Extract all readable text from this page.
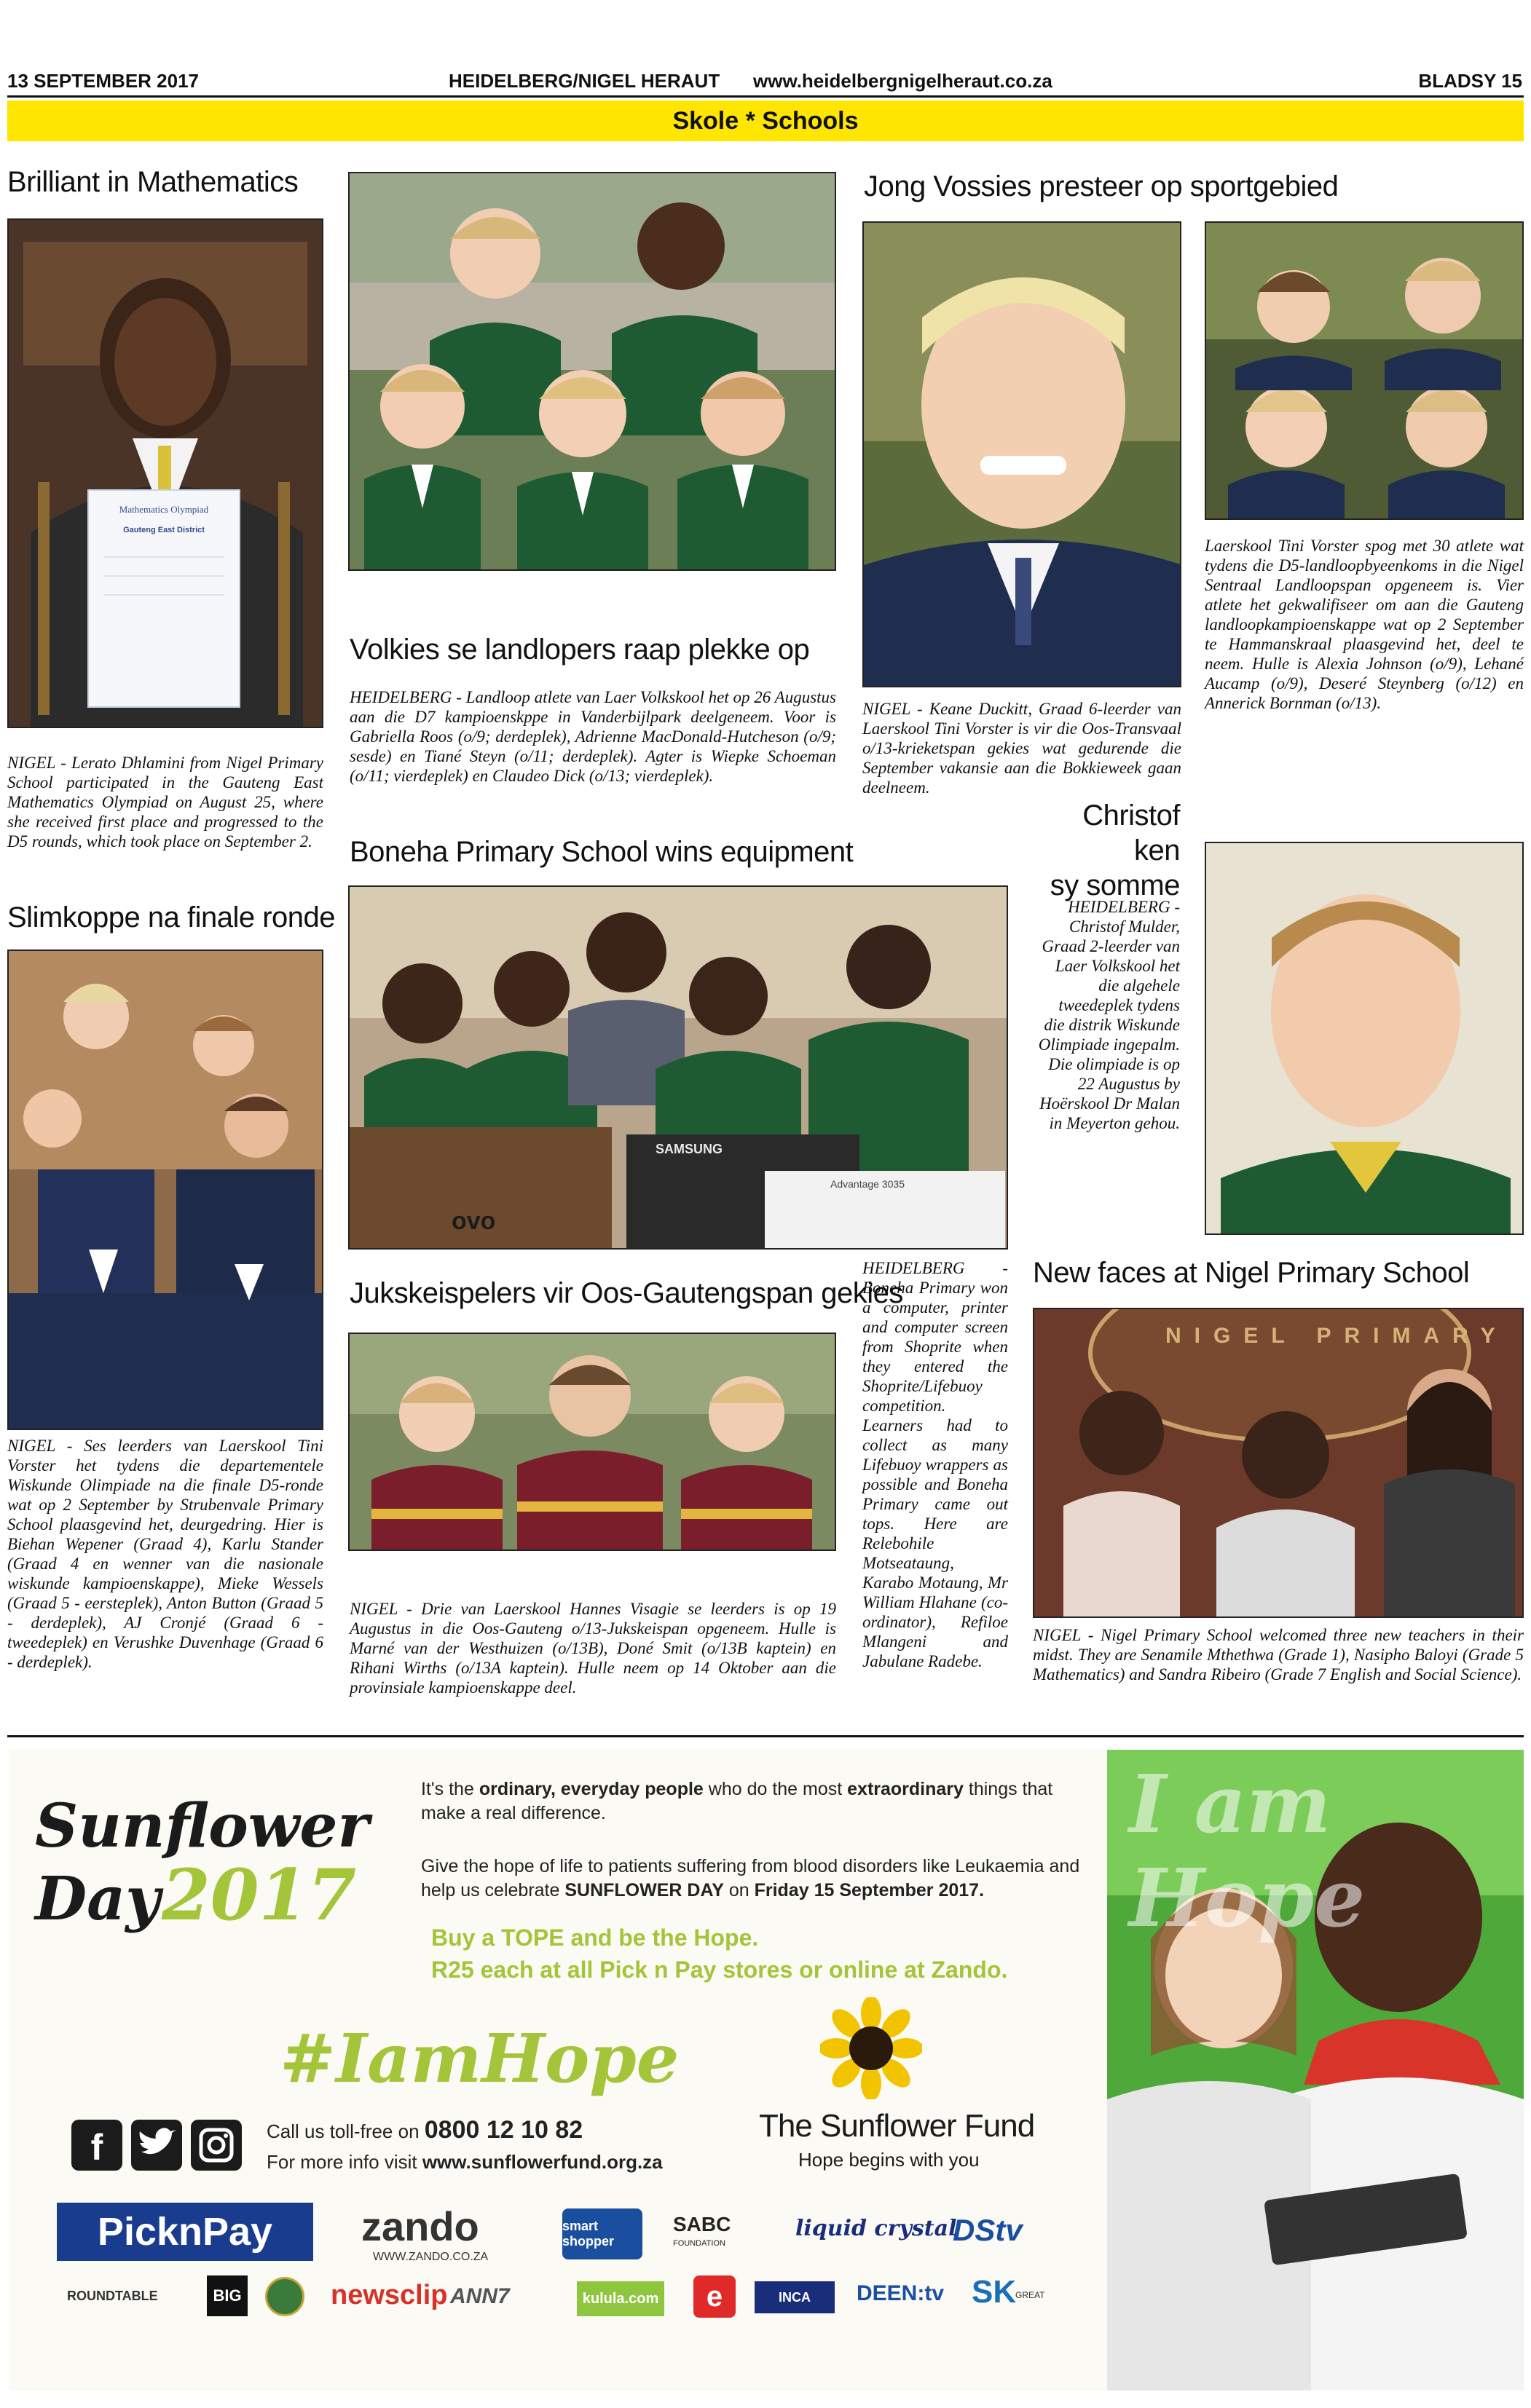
13 SEPTEMBER 2017	HEIDELBERG/NIGEL HERAUT www.heidelbergnigelheraut.co.za	BLADSY 15
Skole * Schools
Brilliant in Mathematics
Mathematics Olympiad
Gauteng East District
NIGEL - Lerato Dhlamini from Nigel Primary School participated in the Gauteng East Mathematics Olympiad on August 25, where she received first place and progressed to the D5 rounds, which took place on September 2.
Slimkoppe na finale ronde
NIGEL - Ses leerders van Laerskool Tini Vorster het tydens die departementele Wiskunde Olimpiade na die finale D5-ronde wat op 2 September by Strubenvale Primary School plaasgevind het, deurgedring. Hier is Biehan Wepener (Graad 4), Karlu Stander (Graad 4 en wenner van die nasionale wiskunde kampioenskappe), Mieke Wessels (Graad 5 - eersteplek), Anton Button (Graad 5 - derdeplek), AJ Cronjé (Graad 6 - tweedeplek) en Verushke Duvenhage (Graad 6 - derdeplek).
Volkies se landlopers raap plekke op
HEIDELBERG - Landloop atlete van Laer Volkskool het op 26 Augustus aan die D7 kampioenskppe in Vanderbijlpark deelgeneem. Voor is Gabriella Roos (o/9; derdeplek), Adrienne MacDonald-Hutcheson (o/9; sesde) en Tiané Steyn (o/11; derdeplek). Agter is Wiepke Schoeman (o/11; vierdeplek) en Claudeo Dick (o/13; vierdeplek).
Boneha Primary School wins equipment
ovo
SAMSUNG
Advantage 3035
Jukskeispelers vir Oos-Gautengspan gekies
NIGEL - Drie van Laerskool Hannes Visagie se leerders is op 19 Augustus in die Oos-Gauteng o/13-Jukskeispan opgeneem. Hulle is Marné van der Westhuizen (o/13B), Doné Smit (o/13B kaptein) en Rihani Wirths (o/13A kaptein). Hulle neem op 14 Oktober aan die provinsiale kampioenskappe deel.
Jong Vossies presteer op sportgebied
NIGEL - Keane Duckitt, Graad 6-leerder van Laerskool Tini Vorster is vir die Oos-Transvaal o/13-krieketspan gekies wat gedurende die September vakansie aan die Bokkieweek gaan deelneem.
Laerskool Tini Vorster spog met 30 atlete wat tydens die D5-landloopbyeenkoms in die Nigel Sentraal Landloopspan opgeneem is. Vier atlete het gekwalifiseer om aan die Gauteng landloopkampioenskappe wat op 2 September te Hammanskraal plaasgevind het, deel te neem. Hulle is Alexia Johnson (o/9), Lehané Aucamp (o/9), Deseré Steynberg (o/12) en Annerick Bornman (o/13).
Christof ken
sy somme
HEIDELBERG - Christof Mulder, Graad 2-leerder van Laer Volkskool het die algehele tweedeplek tydens die distrik Wiskunde Olimpiade ingepalm. Die olimpiade is op 22 Augustus by Hoërskool Dr Malan in Meyerton gehou.
HEIDELBERG - Boneha Primary won a computer, printer and computer screen from Shoprite when they entered the Shoprite/Lifebuoy competition. Learners had to collect as many Lifebuoy wrappers as possible and Boneha Primary came out tops. Here are Relebohile Motseataung, Karabo Motaung, Mr William Hlahane (co-ordinator), Refiloe Mlangeni and Jabulane Radebe.
New faces at Nigel Primary School
NIGEL PRIMARY
NIGEL - Nigel Primary School welcomed three new teachers in their midst. They are Senamile Mthethwa (Grade 1), Nasipho Baloyi (Grade 5 Mathematics) and Sandra Ribeiro (Grade 7 English and Social Science).
Sunflower
Day 2017
It's the ordinary, everyday people who do the most extraordinary things that make a real difference.
Give the hope of life to patients suffering from blood disorders like Leukaemia and help us celebrate SUNFLOWER DAY on Friday 15 September 2017.
Buy a TOPE and be the Hope.
R25 each at all Pick n Pay stores or online at Zando.
#IamHope
f	Call us toll-free on 0800 12 10 82
For more info visit www.sunflowerfund.org.za
The Sunflower Fund
Hope begins with you
PicknPay	zando
WWW.ZANDO.CO.ZA
smart shopper
SABC
FOUNDATION
liquid crystal
DStv
ROUNDTABLE	BIG	newsclip ANN7	kulula.com	e	INCA	DEEN:tv SK
GREAT
I am Hope
